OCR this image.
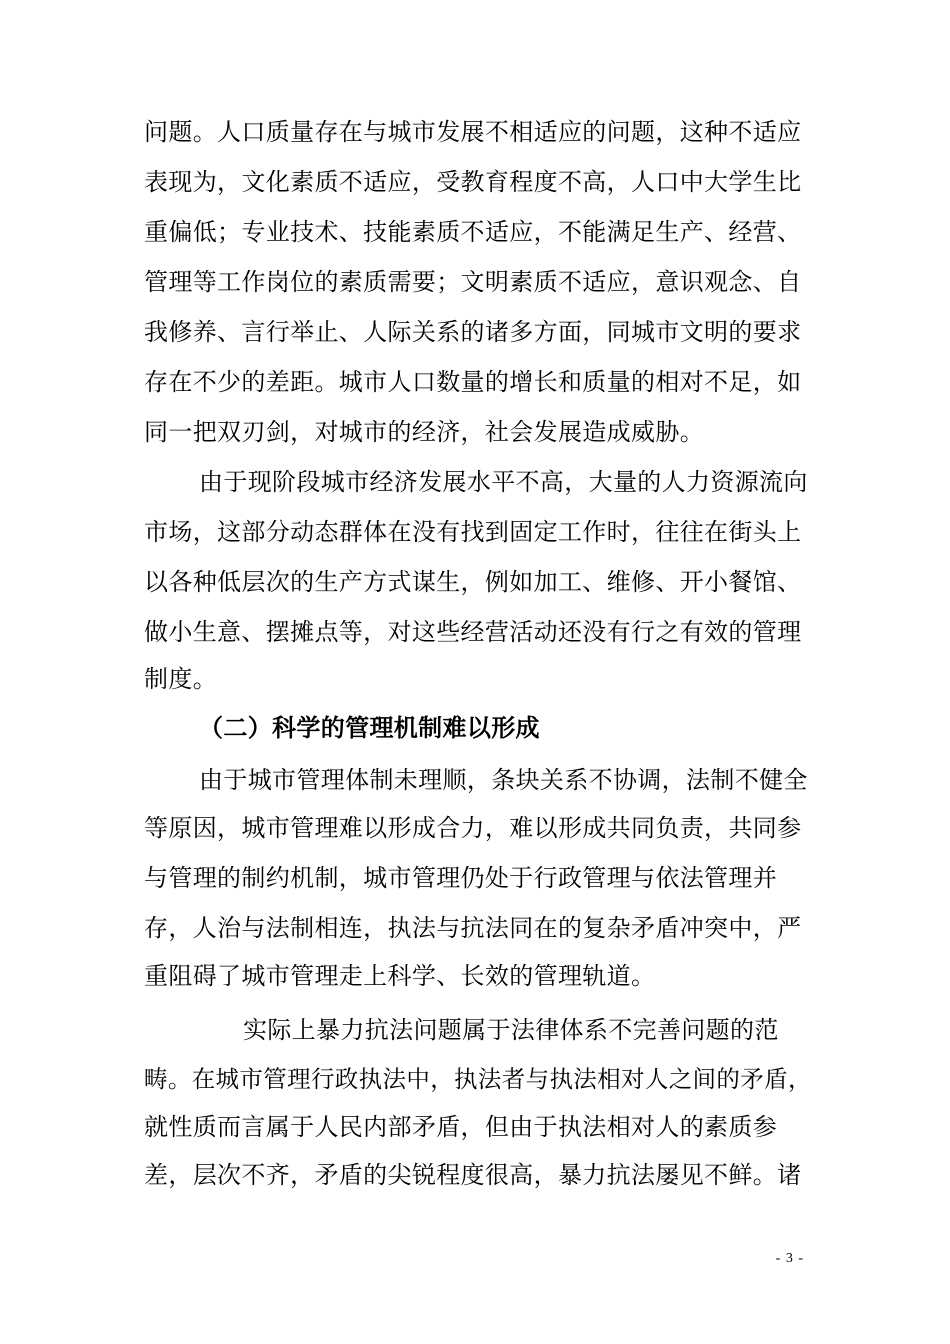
问题。人口质量存在与城市发展不相适应的问题，这种不适应
表现为，文化素质不适应，受教育程度不高，人口中大学生比
重偏低；专业技术、技能素质不适应，不能满足生产、经营、
管理等工作岗位的素质需要；文明素质不适应，意识观念、自
我修养、言行举止、人际关系的诸多方面，同城市文明的要求
存在不少的差距。城市人口数量的增长和质量的相对不足，如
同一把双刃剑，对城市的经济，社会发展造成威胁。
由于现阶段城市经济发展水平不高，大量的人力资源流向
市场，这部分动态群体在没有找到固定工作时，往往在街头上
以各种低层次的生产方式谋生，例如加工、维修、开小餐馆、
做小生意、摆摊点等，对这些经营活动还没有行之有效的管理
制度。
（二）科学的管理机制难以形成
由于城市管理体制未理顺，条块关系不协调，法制不健全
等原因，城市管理难以形成合力，难以形成共同负责，共同参
与管理的制约机制，城市管理仍处于行政管理与依法管理并
存，人治与法制相连，执法与抗法同在的复杂矛盾冲突中，严
重阻碍了城市管理走上科学、长效的管理轨道。
实际上暴力抗法问题属于法律体系不完善问题的范
畴。在城市管理行政执法中，执法者与执法相对人之间的矛盾，
就性质而言属于人民内部矛盾，但由于执法相对人的素质参
差，层次不齐，矛盾的尖锐程度很高，暴力抗法屡见不鲜。诸
- 3 -
